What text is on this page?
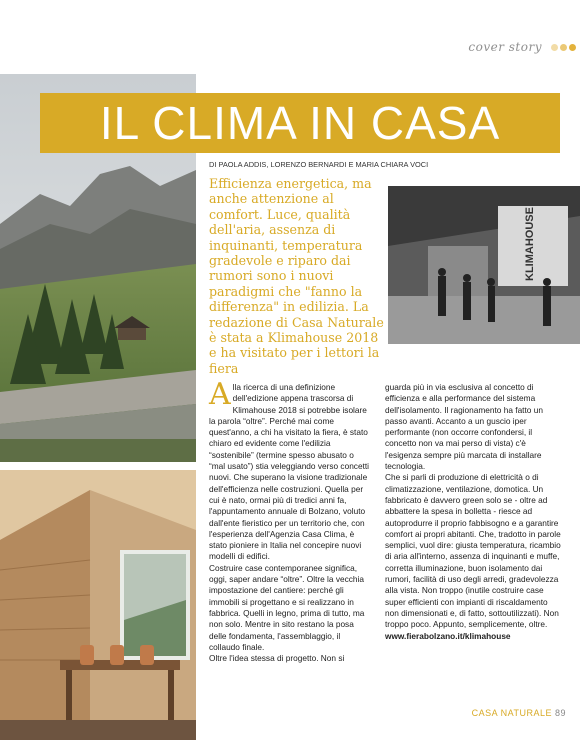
cover story
KLIMAHOUSE
IL CLIMA IN CASA
DI PAOLA ADDIS, LORENZO BERNARDI E MARIA CHIARA VOCI

Efficienza energetica, ma anche attenzione al comfort. Luce, qualità dell'aria, assenza di inquinanti, temperatura gradevole e riparo dai rumori sono i nuovi paradigmi che "fanno la differenza" in edilizia. La redazione di Casa Naturale è stata a Klimahouse 2018 e ha visitato per i lettori la fiera

Alla ricerca di una definizione dell'edizione appena trascorsa di Klimahouse 2018 si potrebbe isolare la parola “oltre”. Perché mai come quest'anno, a chi ha visitato la fiera, è stato chiaro ed evidente come l'edilizia “sostenibile” (termine spesso abusato o “mal usato”) stia veleggiando verso concetti nuovi. Che superano la visione tradizionale dell'efficienza nelle costruzioni. Quella per cui è nato, ormai più di tredici anni fa, l'appuntamento annuale di Bolzano, voluto dall'ente fieristico per un territorio che, con l'esperienza dell'Agenzia Casa Clima, è stato pioniere in Italia nel concepire nuovi modelli di edifici.

Costruire case contemporanee significa, oggi, saper andare “oltre”. Oltre la vecchia impostazione del cantiere: perché gli immobili si progettano e si realizzano in fabbrica. Quelli in legno, prima di tutto, ma non solo. Mentre in sito restano la posa delle fondamenta, l'assemblaggio, il collaudo finale.

Oltre l'idea stessa di progetto. Non si

guarda più in via esclusiva al concetto di efficienza e alla performance del sistema dell'isolamento. Il ragionamento ha fatto un passo avanti. Accanto a un guscio iper performante (non occorre confondersi, il concetto non va mai perso di vista) c'è l'esigenza sempre più marcata di installare tecnologia.

Che si parli di produzione di elettricità o di climatizzazione, ventilazione, domotica. Un fabbricato è davvero green solo se - oltre ad abbattere la spesa in bolletta - riesce ad autoprodurre il proprio fabbisogno e a garantire comfort ai propri abitanti. Che, tradotto in parole semplici, vuol dire: giusta temperatura, ricambio di aria all'interno, assenza di inquinanti e muffe, corretta illuminazione, buon isolamento dai rumori, facilità di uso degli arredi, gradevolezza alla vista. Non troppo (inutile costruire case super efficienti con impianti di riscaldamento non dimensionati e, di fatto, sottoutilizzati). Non troppo poco. Appunto, semplicemente, oltre.

www.fierabolzano.it/klimahouse

CASA NATURALE 89
